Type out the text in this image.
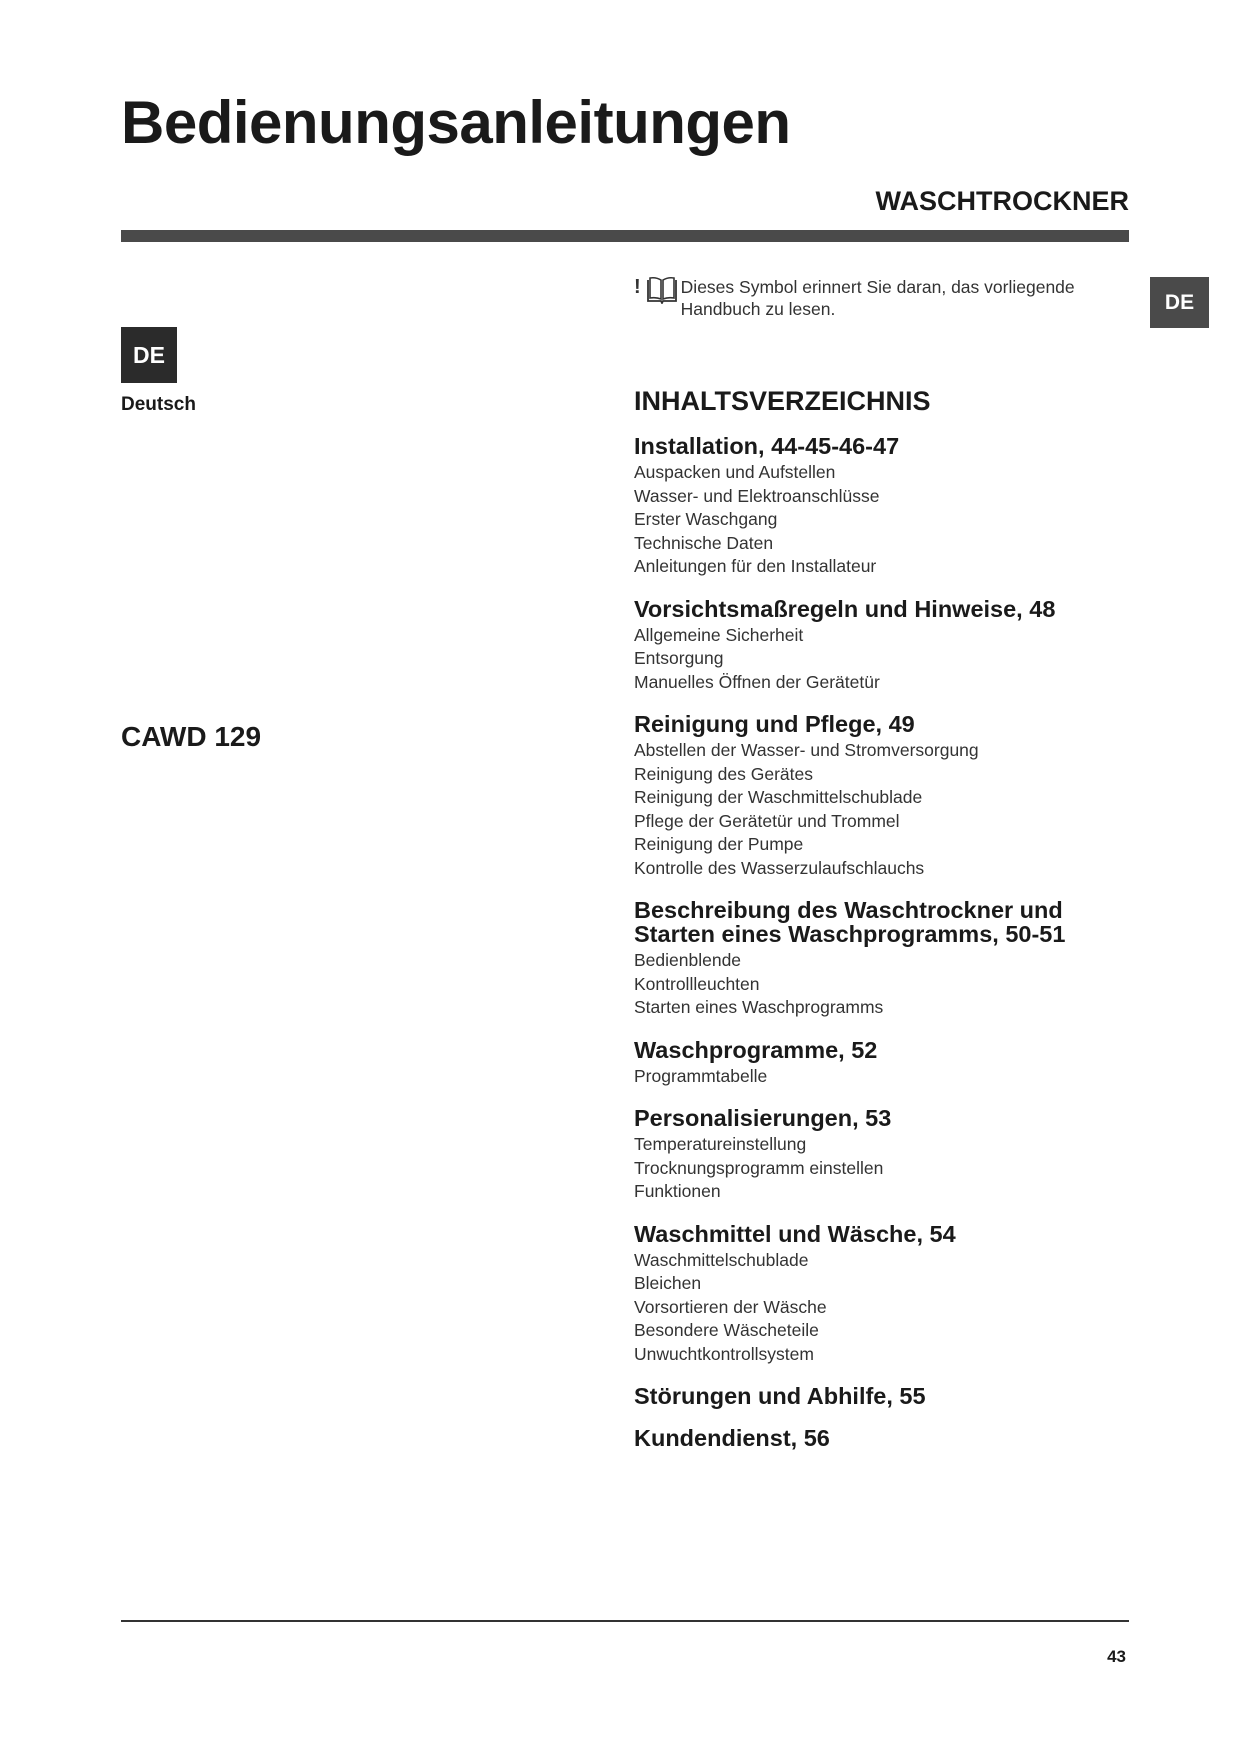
Bedienungsanleitungen
WASCHTROCKNER
DE
Deutsch
DE
CAWD 129
! Dieses Symbol erinnert Sie daran, das vorliegende Handbuch zu lesen.
INHALTSVERZEICHNIS
Installation, 44-45-46-47
Auspacken und Aufstellen
Wasser- und Elektroanschlüsse
Erster Waschgang
Technische Daten
Anleitungen für den Installateur
Vorsichtsmaßregeln und Hinweise, 48
Allgemeine Sicherheit
Entsorgung
Manuelles Öffnen der Gerätetür
Reinigung und Pflege, 49
Abstellen der Wasser- und Stromversorgung
Reinigung des Gerätes
Reinigung der Waschmittelschublade
Pflege der Gerätetür und Trommel
Reinigung der Pumpe
Kontrolle des Wasserzulaufschlauchs
Beschreibung des Waschtrockner und Starten eines Waschprogramms, 50-51
Bedienblende
Kontrollleuchten
Starten eines Waschprogramms
Waschprogramme, 52
Programmtabelle
Personalisierungen, 53
Temperatureinstellung
Trocknungsprogramm einstellen
Funktionen
Waschmittel und Wäsche, 54
Waschmittelschublade
Bleichen
Vorsortieren der Wäsche
Besondere Wäscheteile
Unwuchtkontrollsystem
Störungen und Abhilfe, 55
Kundendienst, 56
43
